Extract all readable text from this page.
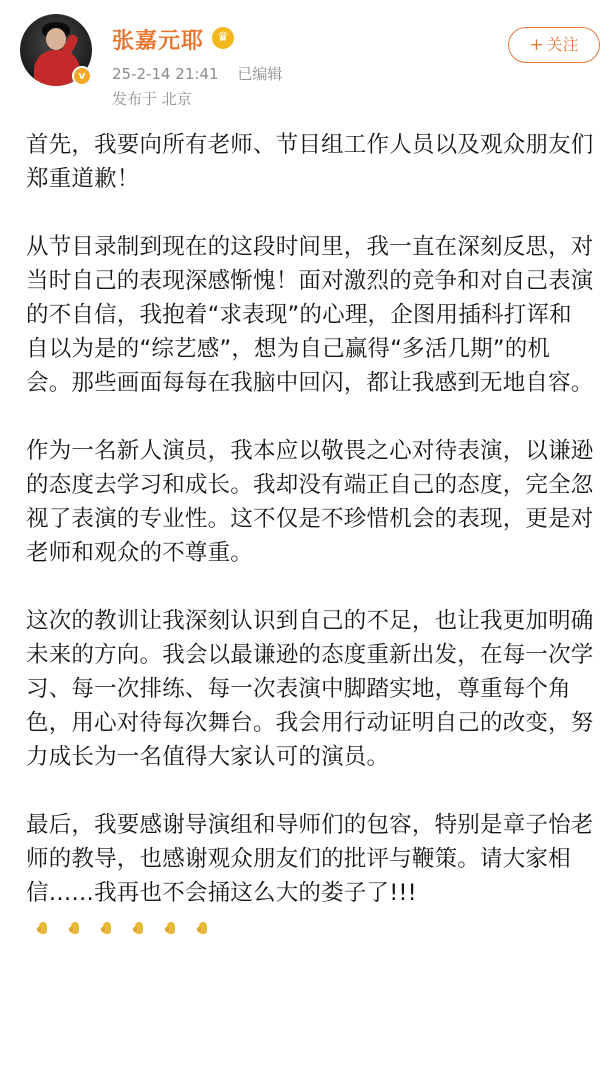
v
张嘉元耶	♛
25-2-14 21:41 已编辑
发布于 北京
+ 关注

首先，我要向所有老师、节目组工作人员以及观众朋友们郑重道歉！

从节目录制到现在的这段时间里，我一直在深刻反思，对当时自己的表现深感惭愧！面对激烈的竞争和对自己表演的不自信，我抱着“求表现”的心理，企图用插科打诨和自以为是的“综艺感”，想为自己赢得“多活几期”的机会。那些画面每每在我脑中回闪，都让我感到无地自容。

作为一名新人演员，我本应以敬畏之心对待表演，以谦逊的态度去学习和成长。我却没有端正自己的态度，完全忽视了表演的专业性。这不仅是不珍惜机会的表现，更是对老师和观众的不尊重。

这次的教训让我深刻认识到自己的不足，也让我更加明确未来的方向。我会以最谦逊的态度重新出发，在每一次学习、每一次排练、每一次表演中脚踏实地，尊重每个角色，用心对待每次舞台。我会用行动证明自己的改变，努力成长为一名值得大家认可的演员。

最后，我要感谢导演组和导师们的包容，特别是章子怡老师的教导，也感谢观众朋友们的批评与鞭策。请大家相信……我再也不会捅这么大的娄子了!!!
